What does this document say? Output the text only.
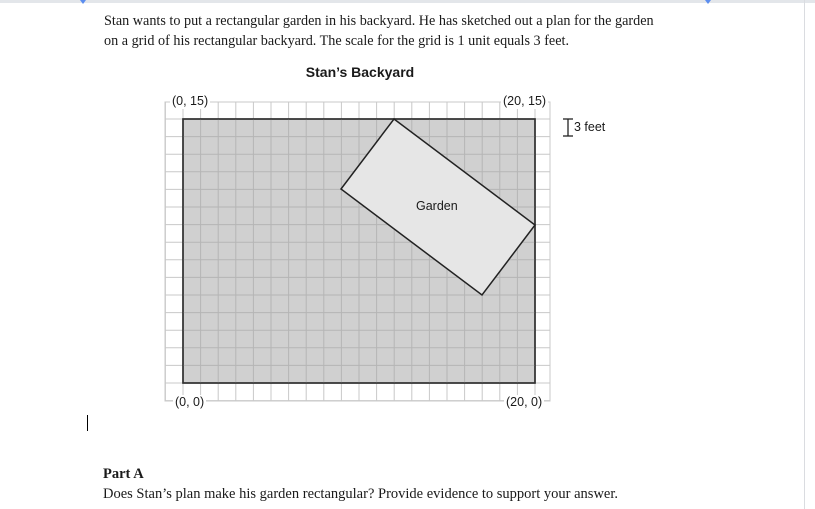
Stan wants to put a rectangular garden in his backyard. He has sketched out a plan for the garden
on a grid of his rectangular backyard. The scale for the grid is 1 unit equals 3 feet.
Stan’s Backyard
(0, 15)	(20, 15)
(0, 0)	(20, 0)
Garden
3 feet
Part A
Does Stan’s plan make his garden rectangular? Provide evidence to support your answer.
